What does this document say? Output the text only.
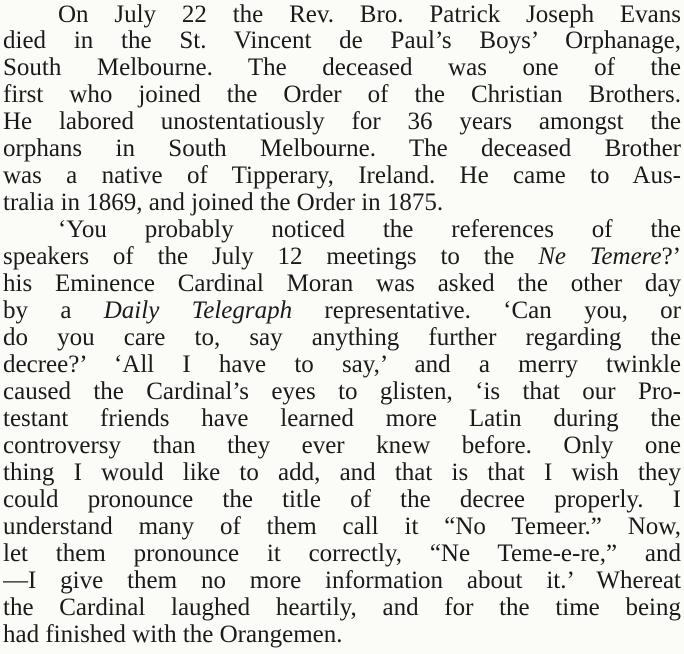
On July 22 the Rev. Bro. Patrick Joseph Evans
died in the St. Vincent de Paul’s Boys’ Orphanage,
South Melbourne. The deceased was one of the
first who joined the Order of the Christian Brothers.
He labored unostentatiously for 36 years amongst the
orphans in South Melbourne. The deceased Brother
was a native of Tipperary, Ireland. He came to Aus-
tralia in 1869, and joined the Order in 1875.
‘You probably noticed the references of the
speakers of the July 12 meetings to the Ne Temere?’
his Eminence Cardinal Moran was asked the other day
by a Daily Telegraph representative. ‘Can you, or
do you care to, say anything further regarding the
decree?’ ‘All I have to say,’ and a merry twinkle
caused the Cardinal’s eyes to glisten, ‘is that our Pro-
testant friends have learned more Latin during the
controversy than they ever knew before. Only one
thing I would like to add, and that is that I wish they
could pronounce the title of the decree properly. I
understand many of them call it “No Temeer.” Now,
let them pronounce it correctly, “Ne Teme-e-re,” and
—I give them no more information about it.’ Whereat
the Cardinal laughed heartily, and for the time being
had finished with the Orangemen.
